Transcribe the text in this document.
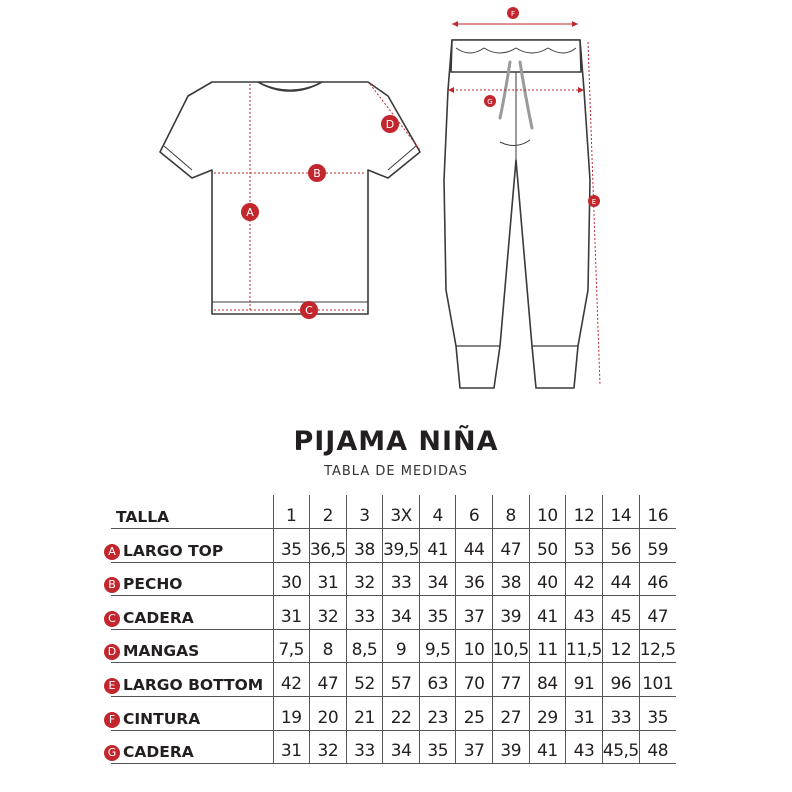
A
B
C
D
E
F
G
PIJAMA NIÑA
TABLA DE MEDIDAS
TALLA	1	2	3	3X	4	6	8	10	12	14	16
A LARGO TOP	35	36,5	38	39,5	41	44	47	50	53	56	59
B PECHO	30	31	32	33	34	36	38	40	42	44	46
C CADERA	31	32	33	34	35	37	39	41	43	45	47
D MANGAS	7,5	8	8,5	9	9,5	10	10,5	11	11,5	12	12,5
E LARGO BOTTOM	42	47	52	57	63	70	77	84	91	96	101
F CINTURA	19	20	21	22	23	25	27	29	31	33	35
G CADERA	31	32	33	34	35	37	39	41	43	45,5	48
